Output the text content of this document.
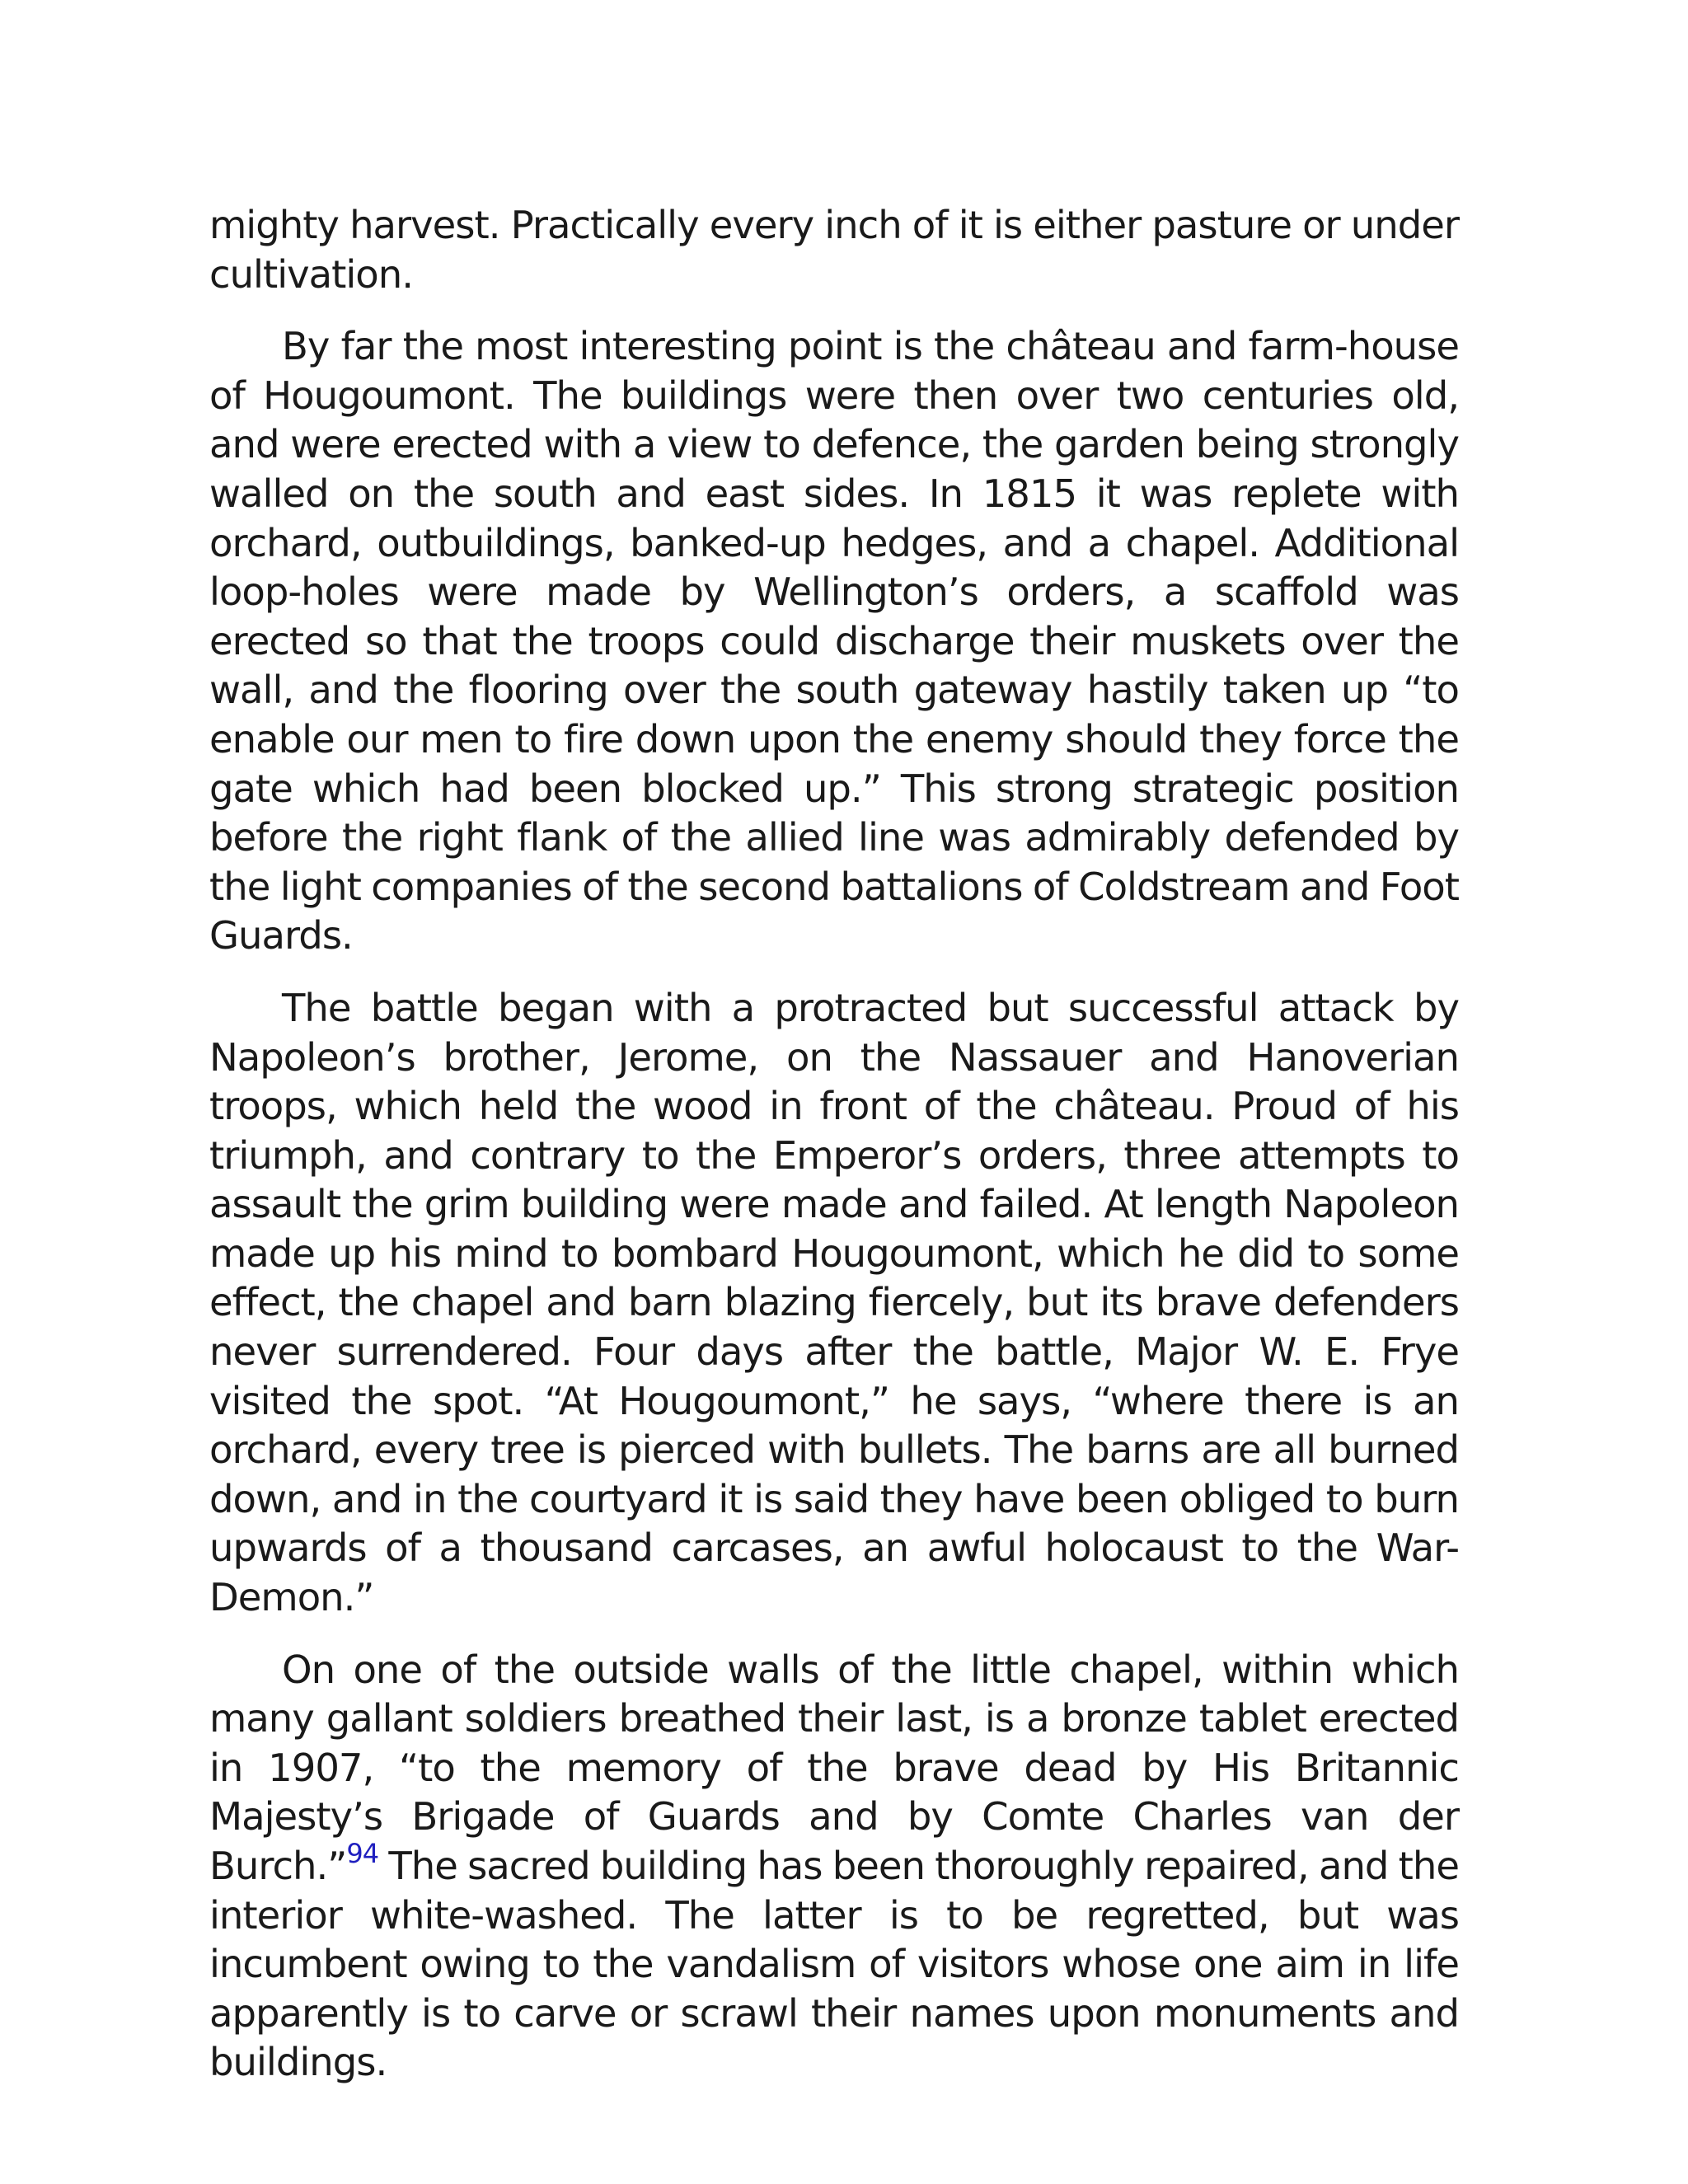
mighty harvest. Practically every inch of it is either pasture or under cultivation.

By far the most interesting point is the château and farm-house of Hougoumont. The buildings were then over two centuries old, and were erected with a view to defence, the garden being strongly walled on the south and east sides. In 1815 it was replete with orchard, outbuildings, banked-up hedges, and a chapel. Additional loop-holes were made by Wellington’s orders, a scaffold was erected so that the troops could discharge their muskets over the wall, and the flooring over the south gateway hastily taken up “to enable our men to fire down upon the enemy should they force the gate which had been blocked up.” This strong strategic position before the right flank of the allied line was admirably defended by the light companies of the second battalions of Coldstream and Foot Guards.

The battle began with a protracted but successful attack by Napoleon’s brother, Jerome, on the Nassauer and Hanoverian troops, which held the wood in front of the château. Proud of his triumph, and contrary to the Emperor’s orders, three attempts to assault the grim building were made and failed. At length Napoleon made up his mind to bombard Hougoumont, which he did to some effect, the chapel and barn blazing fiercely, but its brave defenders never surrendered. Four days after the battle, Major W. E. Frye visited the spot. “At Hougoumont,” he says, “where there is an orchard, every tree is pierced with bullets. The barns are all burned down, and in the courtyard it is said they have been obliged to burn upwards of a thousand carcases, an awful holocaust to the War-Demon.”

On one of the outside walls of the little chapel, within which many gallant soldiers breathed their last, is a bronze tablet erected in 1907, “to the memory of the brave dead by His Britannic Majesty’s Brigade of Guards and by Comte Charles van der Burch.”$^{94}$ The sacred building has been thoroughly repaired, and the interior white-washed. The latter is to be regretted, but was incumbent owing to the vandalism of visitors whose one aim in life apparently is to carve or scrawl their names upon monuments and buildings.
